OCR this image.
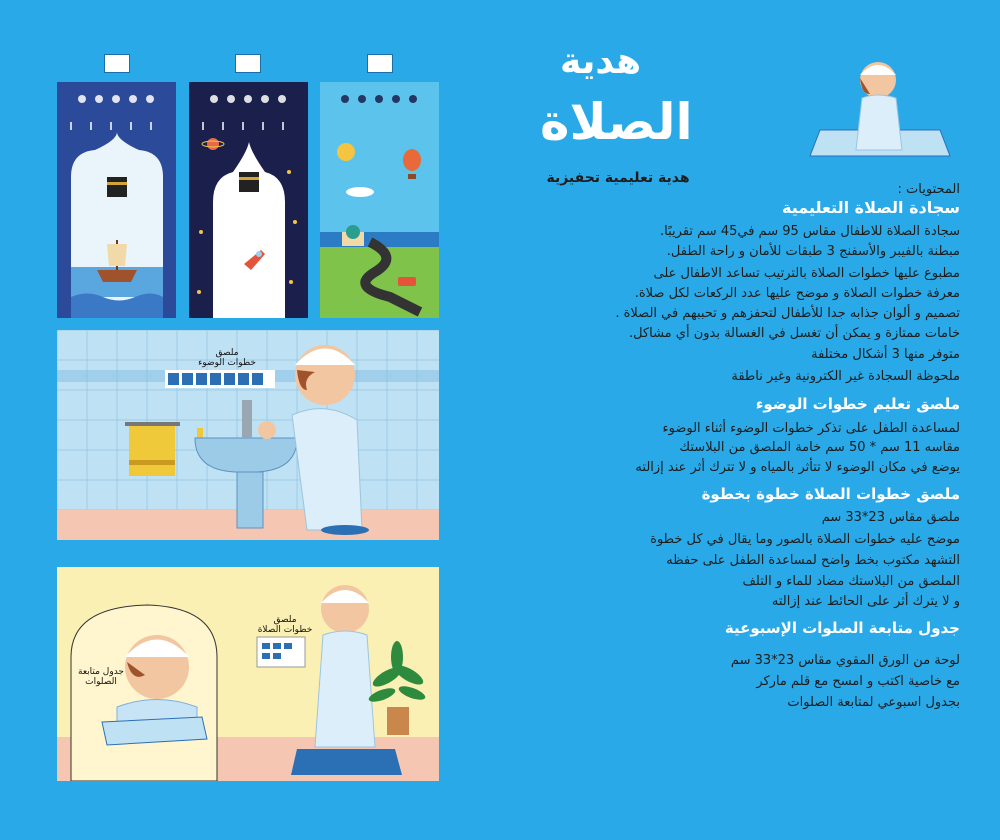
ملصق
خطوات الوضوء
ملصق
خطوات الصلاة
جدول متابعة
الصلوات
هدية
الصلاة
هدية تعليمية تحفيزية
المحتويات :
سجادة الصلاة التعليمية
سجادة الصلاة للاطفال مقاس 95 سم في45 سم تقريبًا.
مبطنة بالفيبر والأسفنج 3 طبقات للأمان و راحة الطفل.
مطبوع عليها خطوات الصلاة بالترتيب تساعد الاطفال على
معرفة خطوات الصلاة و موضح عليها عدد الركعات لكل صلاة.
تصميم و ألوان جذابه جدا للأطفال لتحفزهم و تحببهم في الصلاة .
خامات ممتازة و يمكن أن تغسل في الغسالة بدون أي مشاكل.
متوفر منها 3 أشكال مختلفة
ملحوظة السجادة غير الكترونية وغير ناطقة
ملصق تعليم خطوات الوضوء
لمساعدة الطفل على تذكر خطوات الوضوء أثناء الوضوء
مقاسه 11 سم * 50 سم خامة الملصق من البلاستك
يوضع في مكان الوضوء لا تتأثر بالمياه و لا تترك أثر عند إزالته
ملصق خطوات الصلاة خطوة بخطوة
ملصق مقاس 23*33 سم
موضح عليه خطوات الصلاة بالصور وما يقال في كل خطوة
التشهد مكتوب بخط واضح لمساعدة الطفل على حفظه
الملصق من البلاستك مضاد للماء و التلف
و لا يترك أثر على الحائط عند إزالته
جدول متابعة الصلوات الإسبوعية
لوحة من الورق المقوي مقاس 23*33 سم
مع خاصية اكتب و امسح مع قلم ماركر
بجدول اسبوعي لمتابعة الصلوات
